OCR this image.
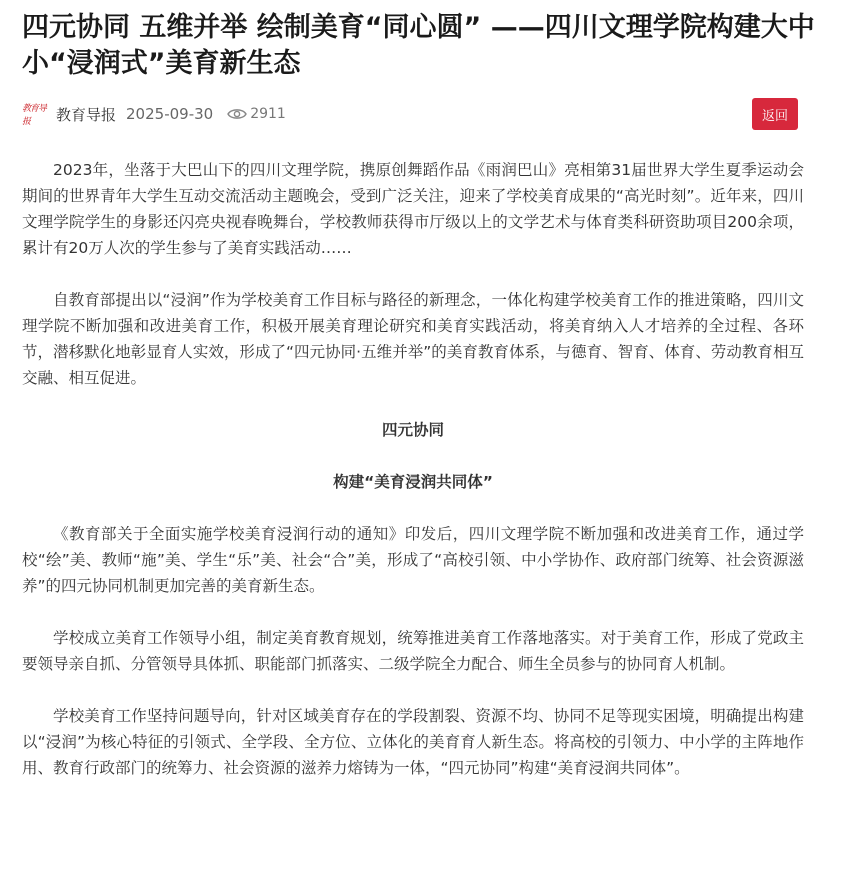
四元协同 五维并举 绘制美育“同心圆” ——四川文理学院构建大中小“浸润式”美育新生态
教育导报	教育导报 2025-09-30	2911	返回

2023年，坐落于大巴山下的四川文理学院，携原创舞蹈作品《雨润巴山》亮相第31届世界大学生夏季运动会期间的世界青年大学生互动交流活动主题晚会，受到广泛关注，迎来了学校美育成果的“高光时刻”。近年来，四川文理学院学生的身影还闪亮央视春晚舞台，学校教师获得市厅级以上的文学艺术与体育类科研资助项目200余项，累计有20万人次的学生参与了美育实践活动……

自教育部提出以“浸润”作为学校美育工作目标与路径的新理念，一体化构建学校美育工作的推进策略，四川文理学院不断加强和改进美育工作，积极开展美育理论研究和美育实践活动，将美育纳入人才培养的全过程、各环节，潜移默化地彰显育人实效，形成了“四元协同·五维并举”的美育教育体系，与德育、智育、体育、劳动教育相互交融、相互促进。

四元协同

构建“美育浸润共同体”

《教育部关于全面实施学校美育浸润行动的通知》印发后，四川文理学院不断加强和改进美育工作，通过学校“绘”美、教师“施”美、学生“乐”美、社会“合”美，形成了“高校引领、中小学协作、政府部门统筹、社会资源滋养”的四元协同机制更加完善的美育新生态。

学校成立美育工作领导小组，制定美育教育规划，统筹推进美育工作落地落实。对于美育工作，形成了党政主要领导亲自抓、分管领导具体抓、职能部门抓落实、二级学院全力配合、师生全员参与的协同育人机制。

学校美育工作坚持问题导向，针对区域美育存在的学段割裂、资源不均、协同不足等现实困境，明确提出构建以“浸润”为核心特征的引领式、全学段、全方位、立体化的美育育人新生态。将高校的引领力、中小学的主阵地作用、教育行政部门的统筹力、社会资源的滋养力熔铸为一体，“四元协同”构建“美育浸润共同体”。
